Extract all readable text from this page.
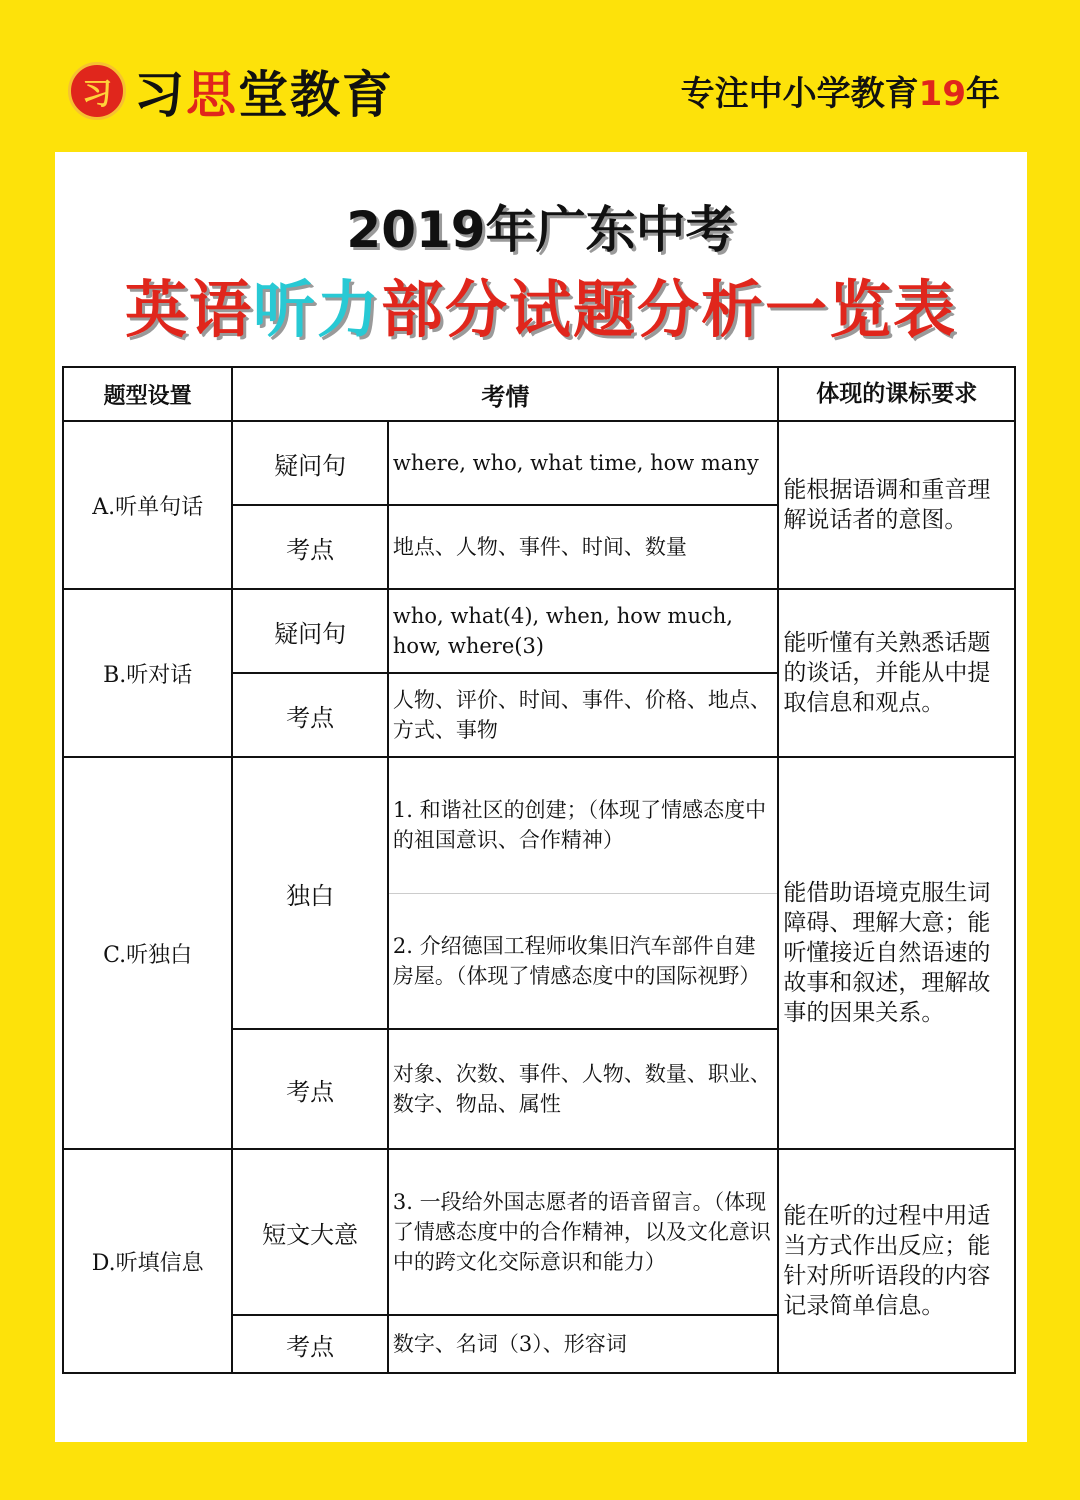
习 习思堂教育	专注中小学教育19年
2019年广东中考
英语听力部分试题分析一览表
题型设置	考情		体现的课标要求
A.听单句话	疑问句	where, who, what time, how many	能根据语调和重音理解说话者的意图。
	考点	地点、人物、事件、时间、数量	
B.听对话	疑问句	who, what(4), when, how much, how, where(3)	能听懂有关熟悉话题的谈话，并能从中提取信息和观点。
	考点	人物、评价、时间、事件、价格、地点、方式、事物	
C.听独白	独白	1. 和谐社区的创建；（体现了情感态度中的祖国意识、合作精神）	能借助语境克服生词障碍、理解大意；能听懂接近自然语速的故事和叙述，理解故事的因果关系。
		2. 介绍德国工程师收集旧汽车部件自建房屋。（体现了情感态度中的国际视野）	
	考点	对象、次数、事件、人物、数量、职业、数字、物品、属性	
D.听填信息	短文大意	3. 一段给外国志愿者的语音留言。（体现了情感态度中的合作精神，以及文化意识中的跨文化交际意识和能力）	能在听的过程中用适当方式作出反应；能针对所听语段的内容记录简单信息。
	考点	数字、名词（3）、形容词	
